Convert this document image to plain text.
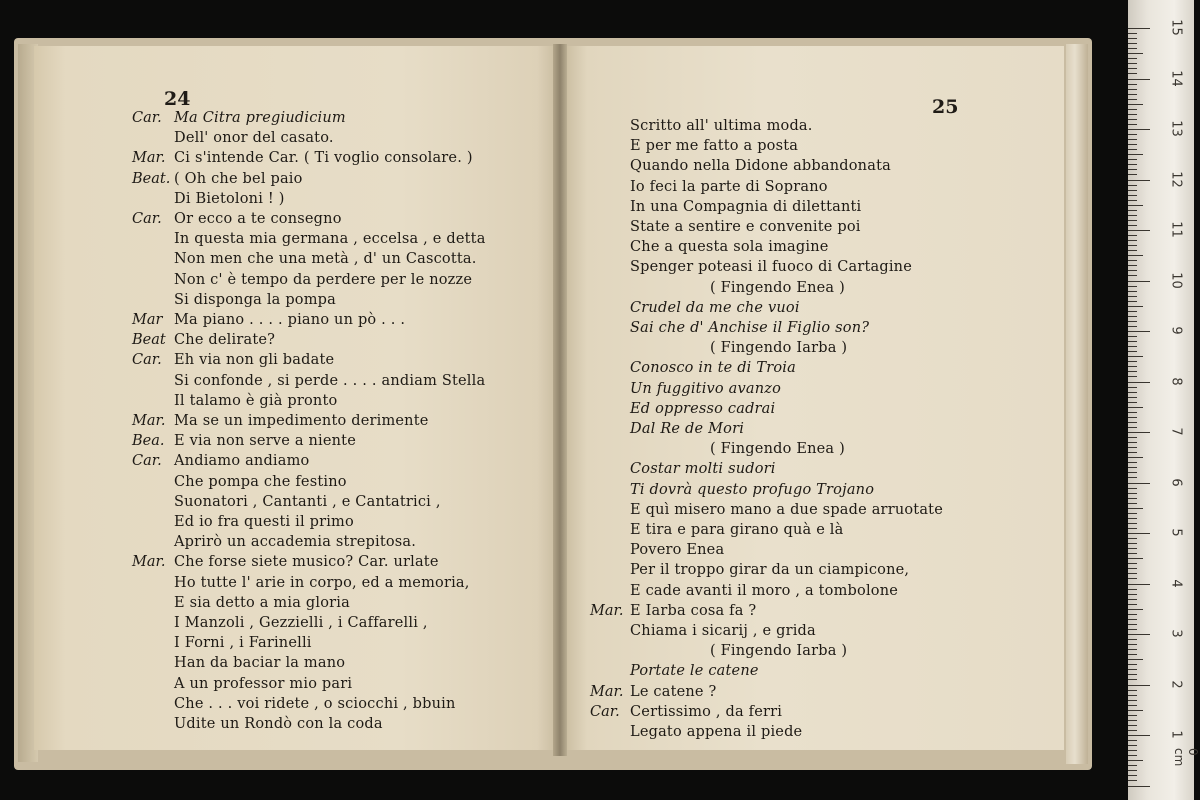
24
Car. Ma Citra pregiudicium
Dell' onor del casato.
Mar. Ci s'intende Car. ( Ti voglio consolare. )
Beat. ( Oh che bel paio
Di Bietoloni ! )
Car. Or ecco a te consegno
In questa mia germana , eccelsa , e detta
Non men che una metà , d' un Cascotta.
Non c' è tempo da perdere per le nozze
Si disponga la pompa
Mar Ma piano . . . . piano un pò . . .
Beat Che delirate?
Car. Eh via non gli badate
Si confonde , si perde . . . . andiam Stella
Il talamo è già pronto
Mar. Ma se un impedimento derimente
Bea. E via non serve a niente
Car. Andiamo andiamo
Che pompa che festino
Suonatori , Cantanti , e Cantatrici ,
Ed io fra questi il primo
Aprirò un accademia strepitosa.
Mar. Che forse siete musico? Car. urlate
Ho tutte l' arie in corpo, ed a memoria,
E sia detto a mia gloria
I Manzoli , Gezzielli , i Caffarelli ,
I Forni , i Farinelli
Han da baciar la mano
A un professor mio pari
Che . . . voi ridete , o sciocchi , bbuin
Udite un Rondò con la coda
25
Scritto all' ultima moda.
E per me fatto a posta
Quando nella Didone abbandonata
Io feci la parte di Soprano
In una Compagnia di dilettanti
State a sentire e convenite poi
Che a questa sola imagine
Spenger poteasi il fuoco di Cartagine
( Fingendo Enea )
Crudel da me che vuoi
Sai che d' Anchise il Figlio son?
( Fingendo Iarba )
Conosco in te di Troia
Un fuggitivo avanzo
Ed oppresso cadrai
Dal Re de Mori
( Fingendo Enea )
Costar molti sudori
Ti dovrà questo profugo Trojano
E quì misero mano a due spade arruotate
E tira e para girano quà e là
Povero Enea
Per il troppo girar da un ciampicone,
E cade avanti il moro , a tombolone
Mar. E Iarba cosa fa ?
Chiama i sicarij , e grida
( Fingendo Iarba )
Portate le catene
Mar. Le catene ?
Car. Certissimo , da ferri
Legato appena il piede
15
14
13
12
11
10
9
8
7
6
5
4
3
2
1
0 cm
